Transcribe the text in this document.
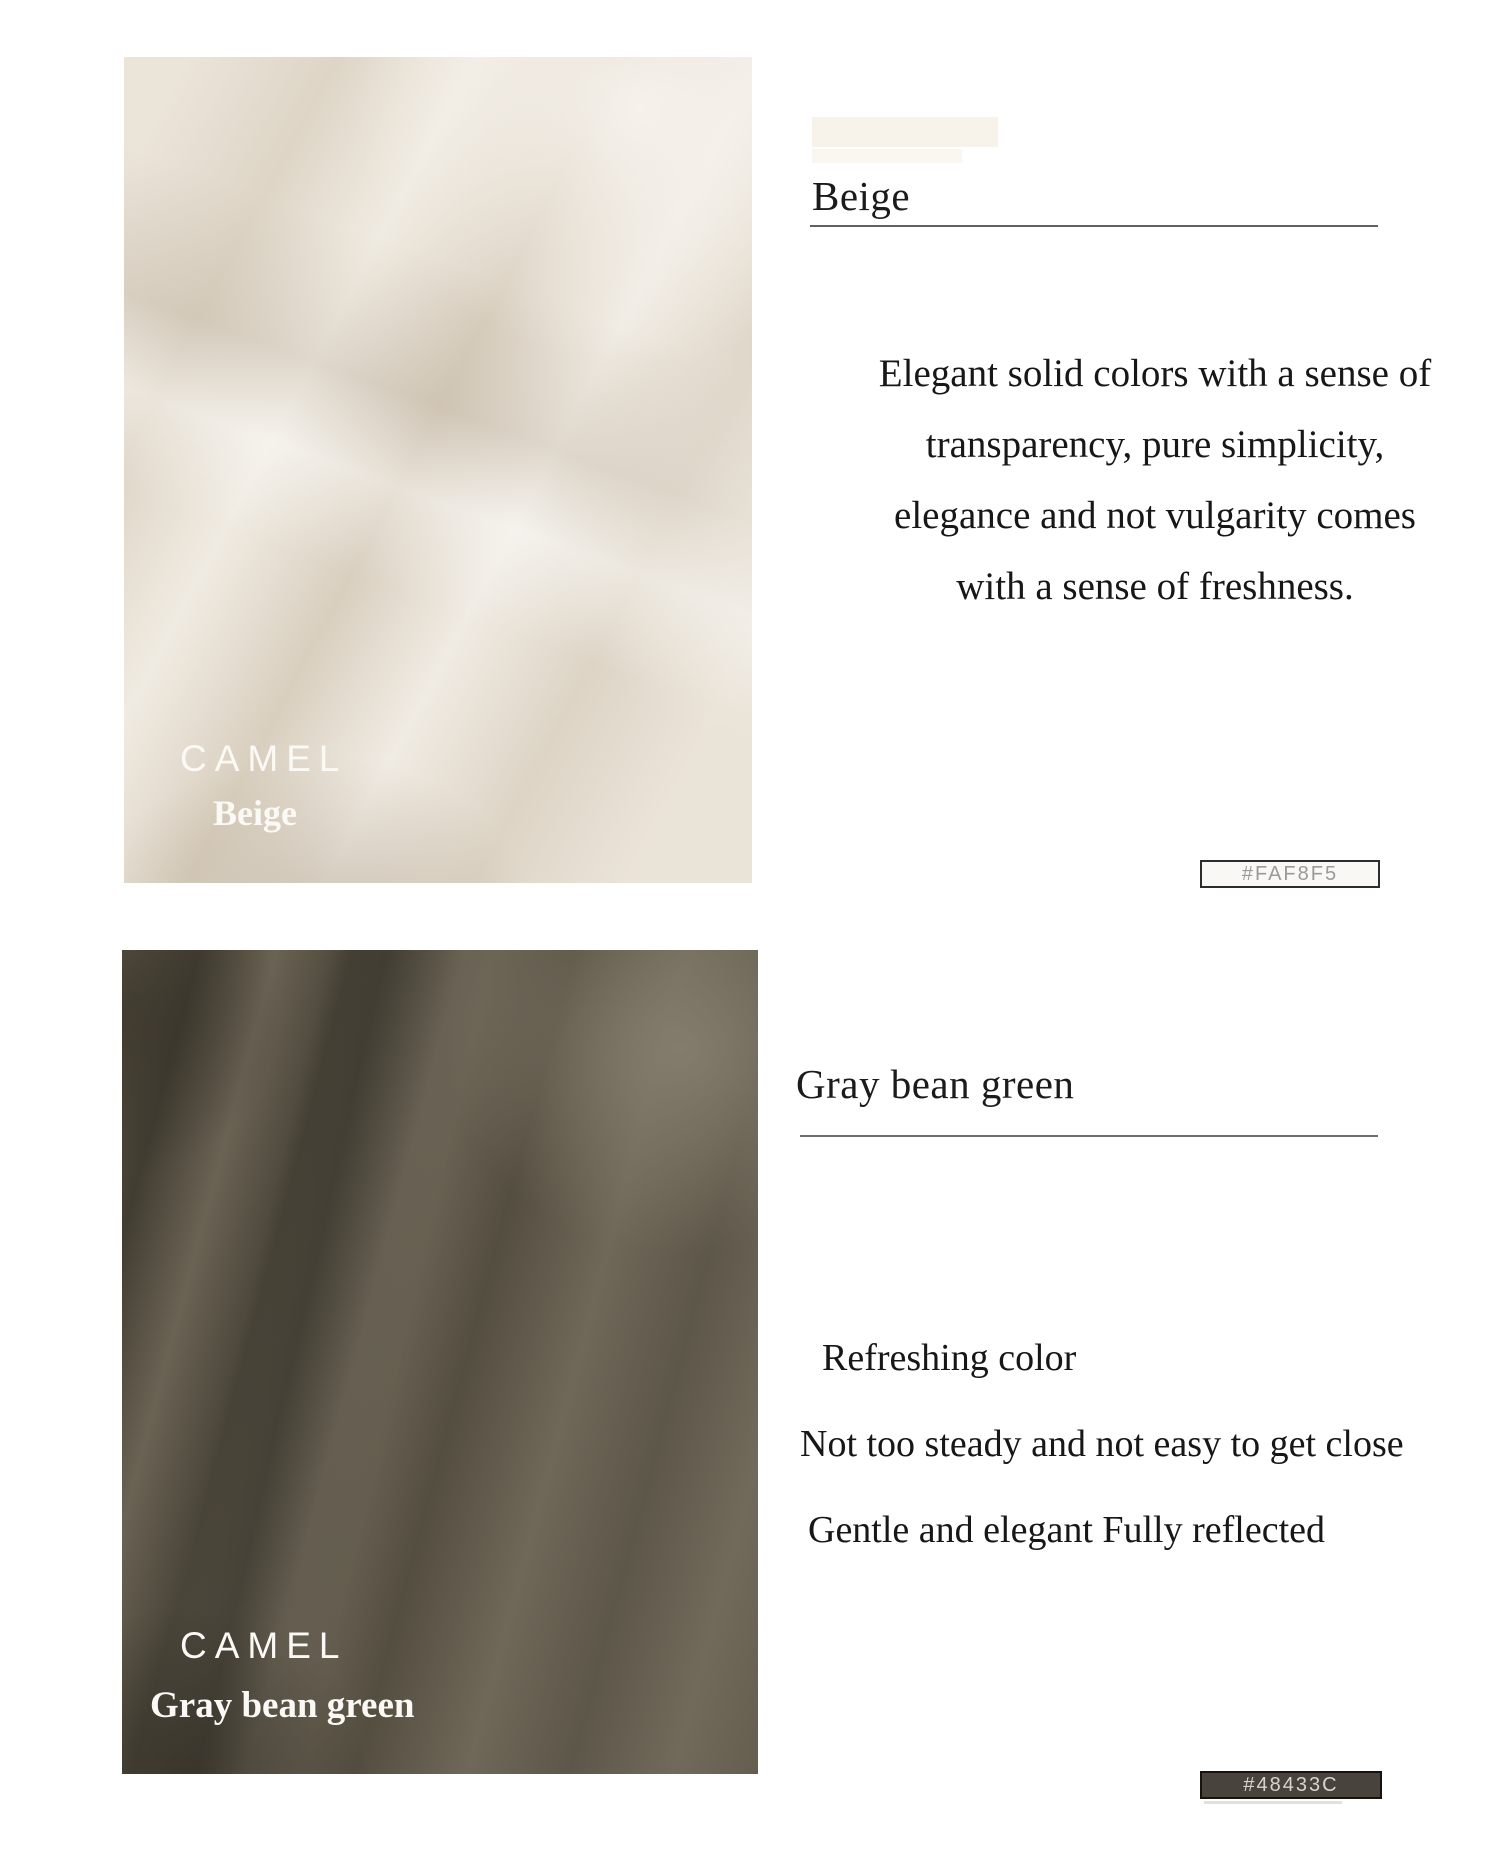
CAMEL
Beige
Beige
Elegant solid colors with a sense of
transparency, pure simplicity,
elegance and not vulgarity comes
with a sense of freshness.
#FAF8F5
CAMEL
Gray bean green
Gray bean green
Refreshing color
Not too steady and not easy to get close
Gentle and elegant Fully reflected
#48433C
